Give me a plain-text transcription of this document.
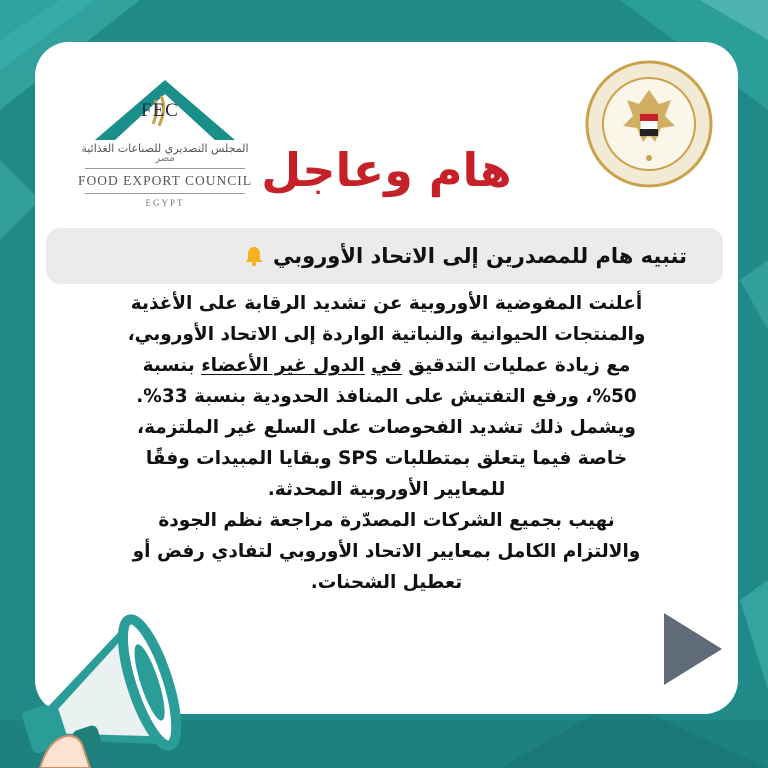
FEC
المجلس التصديري للصناعات الغذائية
مصر
FOOD EXPORT COUNCIL
EGYPT
هام وعاجل
تنبيه هام للمصدرين إلى الاتحاد الأوروبي

أعلنت المفوضية الأوروبية عن تشديد الرقابة على الأغذية والمنتجات الحيوانية والنباتية الواردة إلى الاتحاد الأوروبي، مع زيادة عمليات التدقيق في الدول غير الأعضاء بنسبة 50%، ورفع التفتيش على المنافذ الحدودية بنسبة 33%.

ويشمل ذلك تشديد الفحوصات على السلع غير الملتزمة، خاصة فيما يتعلق بمتطلبات SPS وبقايا المبيدات وفقًا للمعايير الأوروبية المحدثة.

نهيب بجميع الشركات المصدّرة مراجعة نظم الجودة والالتزام الكامل بمعايير الاتحاد الأوروبي لتفادي رفض أو تعطيل الشحنات.
